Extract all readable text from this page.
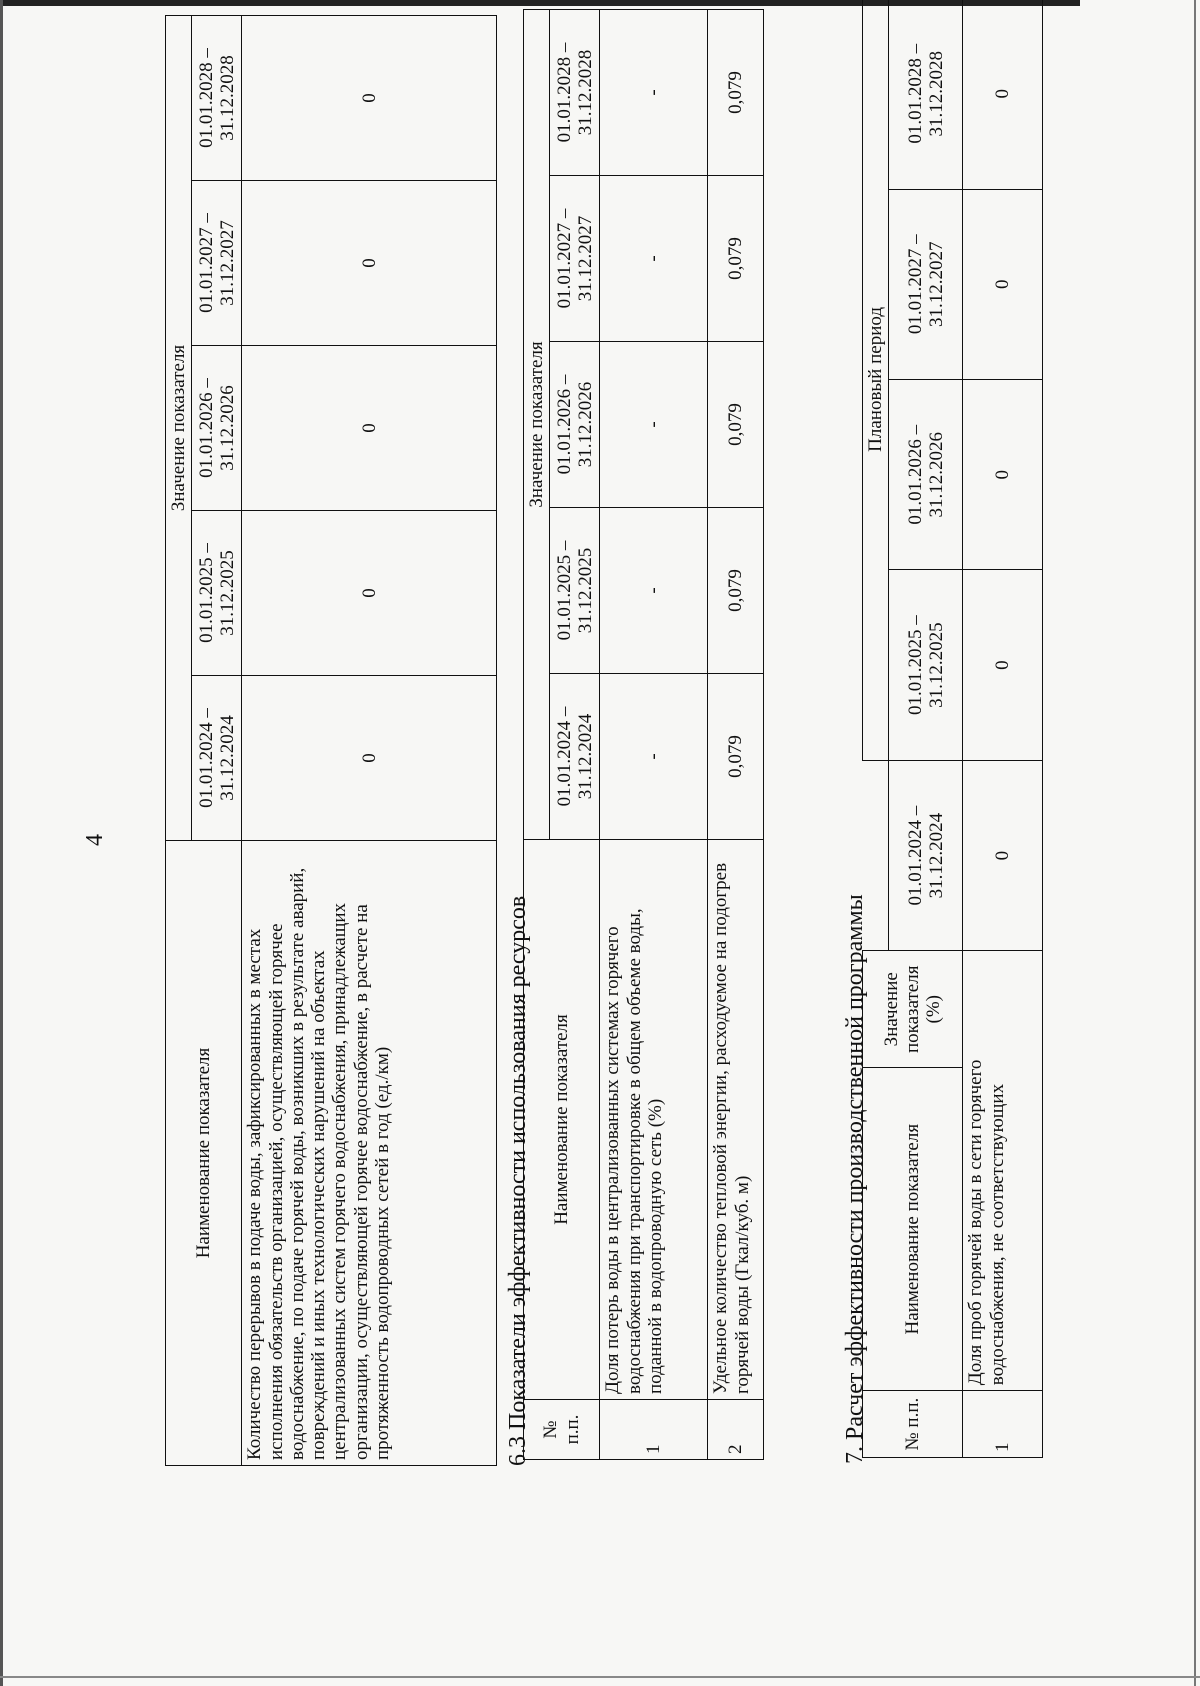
4
Наименование показателя	Значение показателя				
	01.01.2024 – 31.12.2024	01.01.2025 – 31.12.2025	01.01.2026 – 31.12.2026	01.01.2027 – 31.12.2027	01.01.2028 – 31.12.2028
Количество перерывов в подаче воды, зафиксированных в местах исполнения обязательств организацией, осуществляющей горячее водоснабжение, по подаче горячей воды, возникших в результате аварий, повреждений и иных технологических нарушений на объектах централизованных систем горячего водоснабжения, принадлежащих организации, осуществляющей горячее водоснабжение, в расчете на протяженность водопроводных сетей в год (ед./км)	0	0	0	0	0
6.3 Показатели эффективности использования ресурсов № п.п.	Наименование показателя	Значение показателя				
		01.01.2024 – 31.12.2024	01.01.2025 – 31.12.2025	01.01.2026 – 31.12.2026	01.01.2027 – 31.12.2027	01.01.2028 – 31.12.2028
1	Доля потерь воды в централизованных системах горячего водоснабжения при транспортировке в общем объеме воды, поданной в водопроводную сеть (%)	-	-	-	-	-
2	Удельное количество тепловой энергии, расходуемое на подогрев горячей воды (Гкал/куб. м)	0,079	0,079	0,079	0,079	0,079
7. Расчет эффективности производственной программы № п.п.	Наименование показателя	Значение показателя (%)		Плановый период			
			01.01.2024 – 31.12.2024	01.01.2025 – 31.12.2025	01.01.2026 – 31.12.2026	01.01.2027 – 31.12.2027	01.01.2028 – 31.12.2028

1	Доля проб горячей воды в сети горячего водоснабжения, не соответствующих		0	0	0	0	0
